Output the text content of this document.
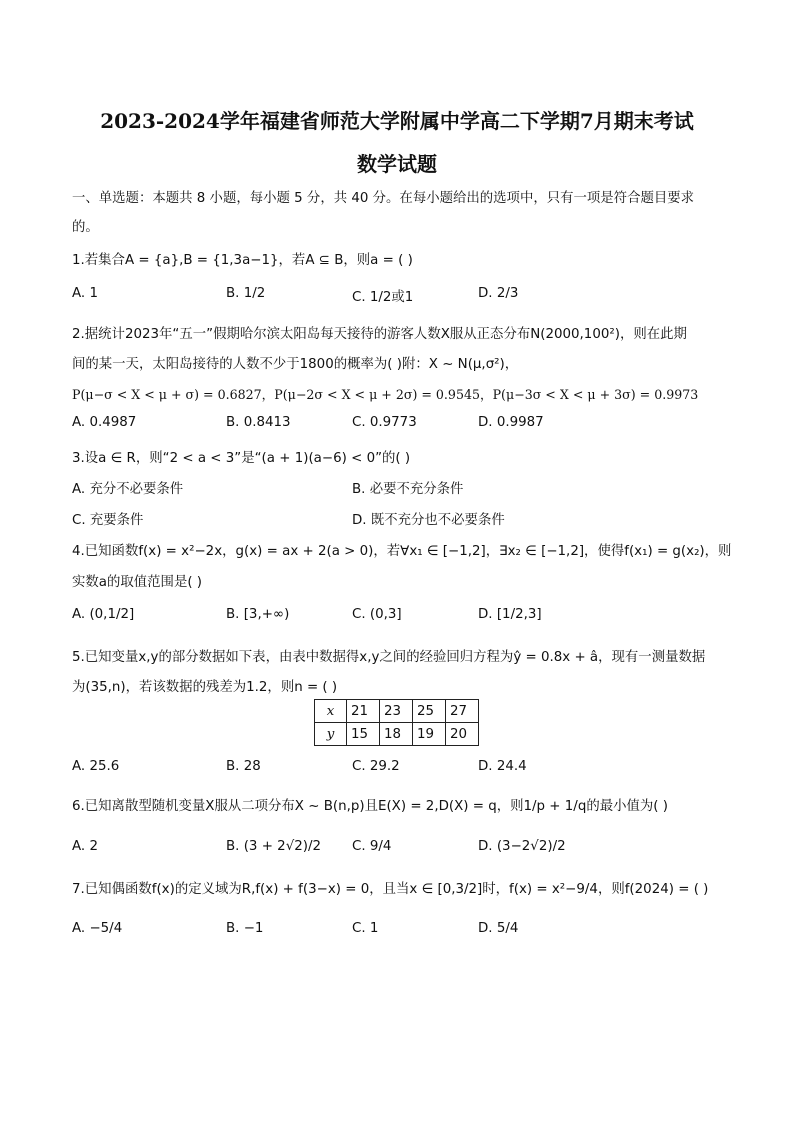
2023-2024学年福建省师范大学附属中学高二下学期7月期末考试
数学试题
一、单选题：本题共 8 小题，每小题 5 分，共 40 分。在每小题给出的选项中，只有一项是符合题目要求
的。
1.若集合A = {a},B = {1,3a−1}，若A ⊆ B，则a = ( )
A. 1	B. 1/2	C. 1/2或1	D. 2/3
2.据统计2023年“五一”假期哈尔滨太阳岛每天接待的游客人数X服从正态分布N(2000,100²)，则在此期
间的某一天，太阳岛接待的人数不少于1800的概率为( )附：X ~ N(μ,σ²)，
P(μ−σ < X < μ + σ) = 0.6827，P(μ−2σ < X < μ + 2σ) = 0.9545，P(μ−3σ < X < μ + 3σ) = 0.9973
A. 0.4987	B. 0.8413	C. 0.9773	D. 0.9987
3.设a ∈ R，则“2 < a < 3”是“(a + 1)(a−6) < 0”的( )
A. 充分不必要条件	B. 必要不充分条件
C. 充要条件	D. 既不充分也不必要条件
4.已知函数f(x) = x²−2x，g(x) = ax + 2(a > 0)，若∀x₁ ∈ [−1,2]，∃x₂ ∈ [−1,2]，使得f(x₁) = g(x₂)，则
实数a的取值范围是( )
A. (0,1/2]	B. [3,+∞)	C. (0,3]	D. [1/2,3]
5.已知变量x,y的部分数据如下表，由表中数据得x,y之间的经验回归方程为ŷ = 0.8x + â，现有一测量数据
为(35,n)，若该数据的残差为1.2，则n = ( )
x	21	23	25	27
y	15	18	19	20
A. 25.6	B. 28	C. 29.2	D. 24.4
6.已知离散型随机变量X服从二项分布X ~ B(n,p)且E(X) = 2,D(X) = q，则1/p + 1/q的最小值为( )
A. 2	B. (3 + 2√2)/2 C. 9/4	D. (3−2√2)/2
7.已知偶函数f(x)的定义域为R,f(x) + f(3−x) = 0，且当x ∈ [0,3/2]时，f(x) = x²−9/4，则f(2024) = ( )
A. −5/4	B. −1	C. 1	D. 5/4
